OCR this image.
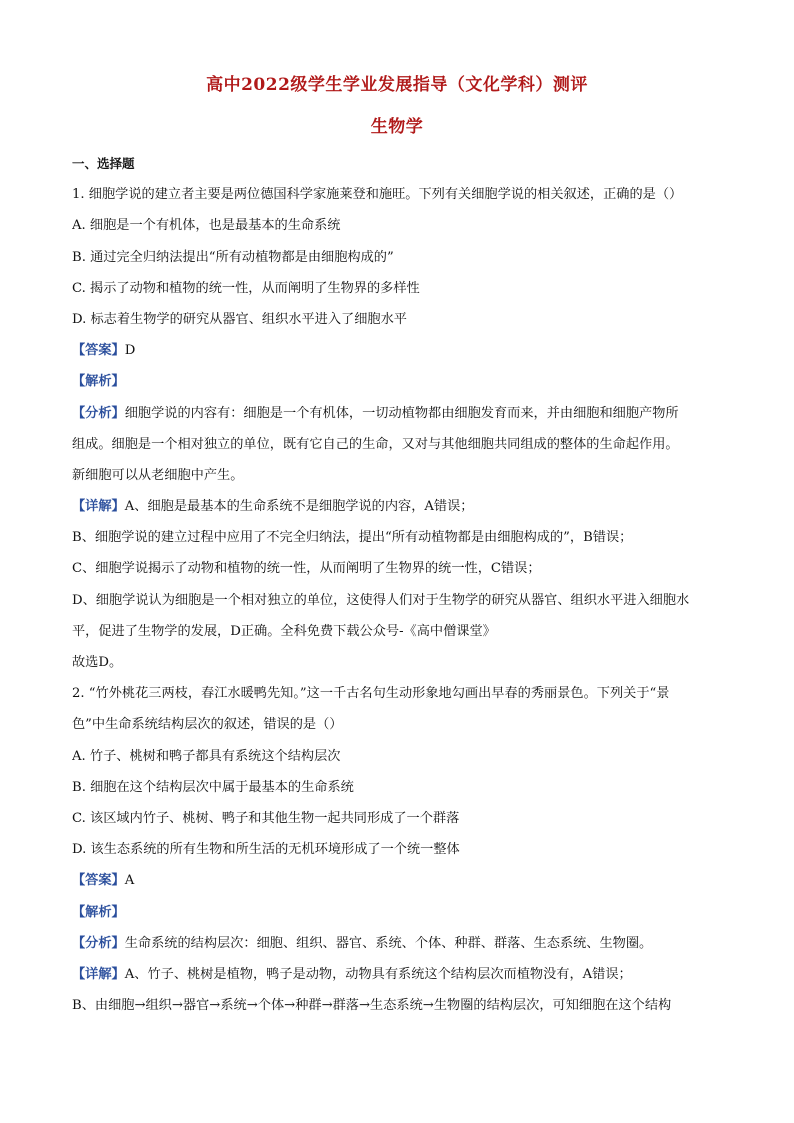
高中2022级学生学业发展指导（文化学科）测评
生物学
一、选择题
1. 细胞学说的建立者主要是两位德国科学家施莱登和施旺。下列有关细胞学说的相关叙述，正确的是（）
A. 细胞是一个有机体，也是最基本的生命系统
B. 通过完全归纳法提出“所有动植物都是由细胞构成的”
C. 揭示了动物和植物的统一性，从而阐明了生物界的多样性
D. 标志着生物学的研究从器官、组织水平进入了细胞水平
【答案】D
【解析】
【分析】细胞学说的内容有：细胞是一个有机体，一切动植物都由细胞发育而来，并由细胞和细胞产物所
组成。细胞是一个相对独立的单位，既有它自己的生命，又对与其他细胞共同组成的整体的生命起作用。
新细胞可以从老细胞中产生。
【详解】A、细胞是最基本的生命系统不是细胞学说的内容，A错误；
B、细胞学说的建立过程中应用了不完全归纳法，提出“所有动植物都是由细胞构成的”，B错误；
C、细胞学说揭示了动物和植物的统一性，从而阐明了生物界的统一性，C错误；
D、细胞学说认为细胞是一个相对独立的单位，这使得人们对于生物学的研究从器官、组织水平进入细胞水
平，促进了生物学的发展，D正确。全科免费下载公众号-《高中僧课堂》
故选D。
2. “竹外桃花三两枝，春江水暖鸭先知。”这一千古名句生动形象地勾画出早春的秀丽景色。下列关于“景
色”中生命系统结构层次的叙述，错误的是（）
A. 竹子、桃树和鸭子都具有系统这个结构层次
B. 细胞在这个结构层次中属于最基本的生命系统
C. 该区域内竹子、桃树、鸭子和其他生物一起共同形成了一个群落
D. 该生态系统的所有生物和所生活的无机环境形成了一个统一整体
【答案】A
【解析】
【分析】生命系统的结构层次：细胞、组织、器官、系统、个体、种群、群落、生态系统、生物圈。
【详解】A、竹子、桃树是植物，鸭子是动物，动物具有系统这个结构层次而植物没有，A错误；
B、由细胞→组织→器官→系统→个体→种群→群落→生态系统→生物圈的结构层次，可知细胞在这个结构
